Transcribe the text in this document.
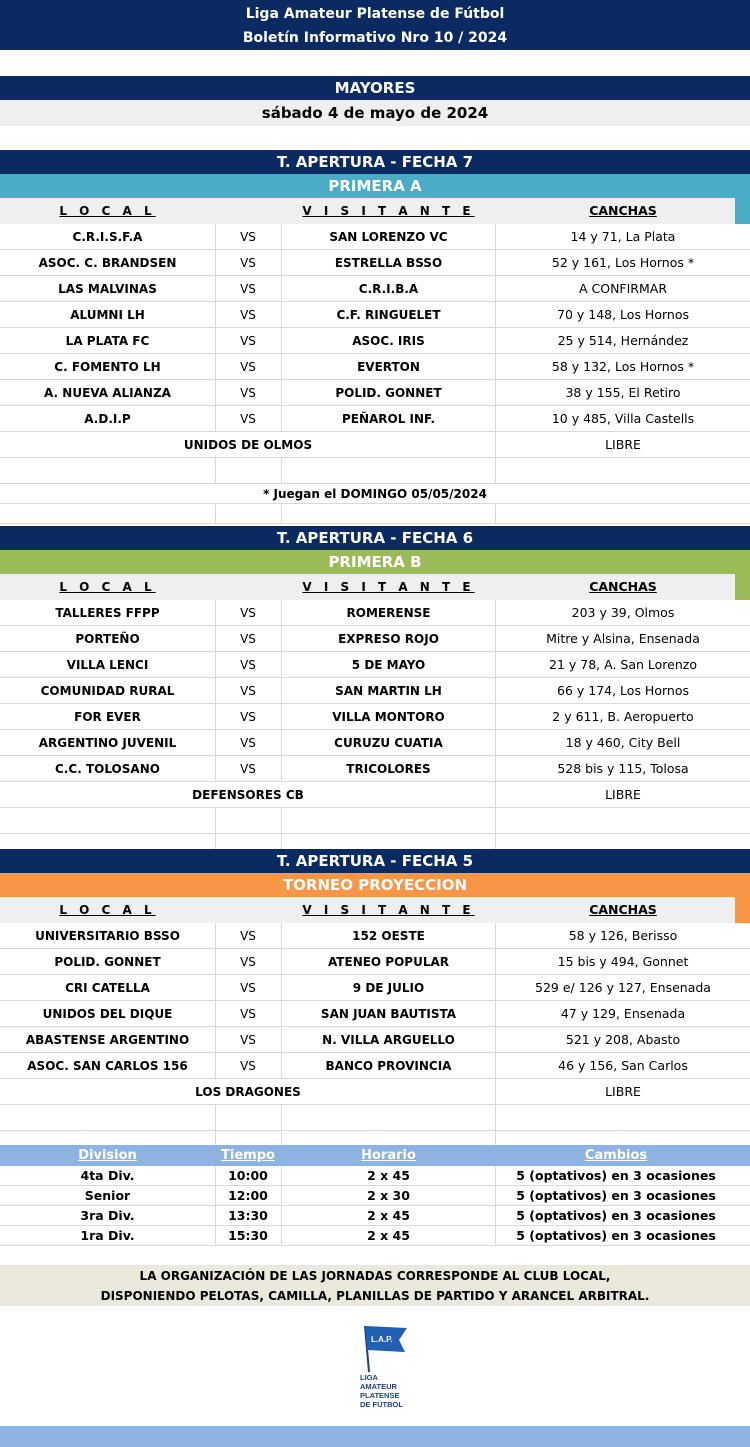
Liga Amateur Platense de Fútbol
Boletín Informativo Nro 10 / 2024
MAYORES
sábado 4 de mayo de 2024
T. APERTURA - FECHA 7
PRIMERA A
L O C A L	V I S I T A N T E	CANCHAS
C.R.I.S.F.A	VS	SAN LORENZO VC	14 y 71, La Plata
ASOC. C. BRANDSEN	VS	ESTRELLA BSSO	52 y 161, Los Hornos *
LAS MALVINAS	VS	C.R.I.B.A	A CONFIRMAR
ALUMNI LH	VS	C.F. RINGUELET	70 y 148, Los Hornos
LA PLATA FC	VS	ASOC. IRIS	25 y 514, Hernández
C. FOMENTO LH	VS	EVERTON	58 y 132, Los Hornos *
A. NUEVA ALIANZA	VS	POLID. GONNET	38 y 155, El Retiro
A.D.I.P	VS	PEÑAROL INF.	10 y 485, Villa Castells
UNIDOS DE OLMOS	LIBRE
* Juegan el DOMINGO 05/05/2024
T. APERTURA - FECHA 6
PRIMERA B
L O C A L	V I S I T A N T E	CANCHAS
TALLERES FFPP	VS	ROMERENSE	203 y 39, Olmos
PORTEÑO	VS	EXPRESO ROJO	Mitre y Alsina, Ensenada
VILLA LENCI	VS	5 DE MAYO	21 y 78, A. San Lorenzo
COMUNIDAD RURAL	VS	SAN MARTIN LH	66 y 174, Los Hornos
FOR EVER	VS	VILLA MONTORO	2 y 611, B. Aeropuerto
ARGENTINO JUVENIL	VS	CURUZU CUATIA	18 y 460, City Bell
C.C. TOLOSANO	VS	TRICOLORES	528 bis y 115, Tolosa
DEFENSORES CB	LIBRE
T. APERTURA - FECHA 5
TORNEO PROYECCION
L O C A L	V I S I T A N T E	CANCHAS
UNIVERSITARIO BSSO	VS	152 OESTE	58 y 126, Berisso
POLID. GONNET	VS	ATENEO POPULAR	15 bis y 494, Gonnet
CRI CATELLA	VS	9 DE JULIO	529 e/ 126 y 127, Ensenada
UNIDOS DEL DIQUE	VS	SAN JUAN BAUTISTA	47 y 129, Ensenada
ABASTENSE ARGENTINO	VS	N. VILLA ARGUELLO	521 y 208, Abasto
ASOC. SAN CARLOS 156	VS	BANCO PROVINCIA	46 y 156, San Carlos
LOS DRAGONES	LIBRE
Division	Tiempo	Horario	Cambios
4ta Div.	10:00	2 x 45	5 (optativos) en 3 ocasiones
Senior	12:00	2 x 30	5 (optativos) en 3 ocasiones
3ra Div.	13:30	2 x 45	5 (optativos) en 3 ocasiones
1ra Div.	15:30	2 x 45	5 (optativos) en 3 ocasiones
LA ORGANIZACIÓN DE LAS JORNADAS CORRESPONDE AL CLUB LOCAL,
DISPONIENDO PELOTAS, CAMILLA, PLANILLAS DE PARTIDO Y ARANCEL ARBITRAL.
L.A.P.
LIGA
AMATEUR
PLATENSE
DE FUTBOL
